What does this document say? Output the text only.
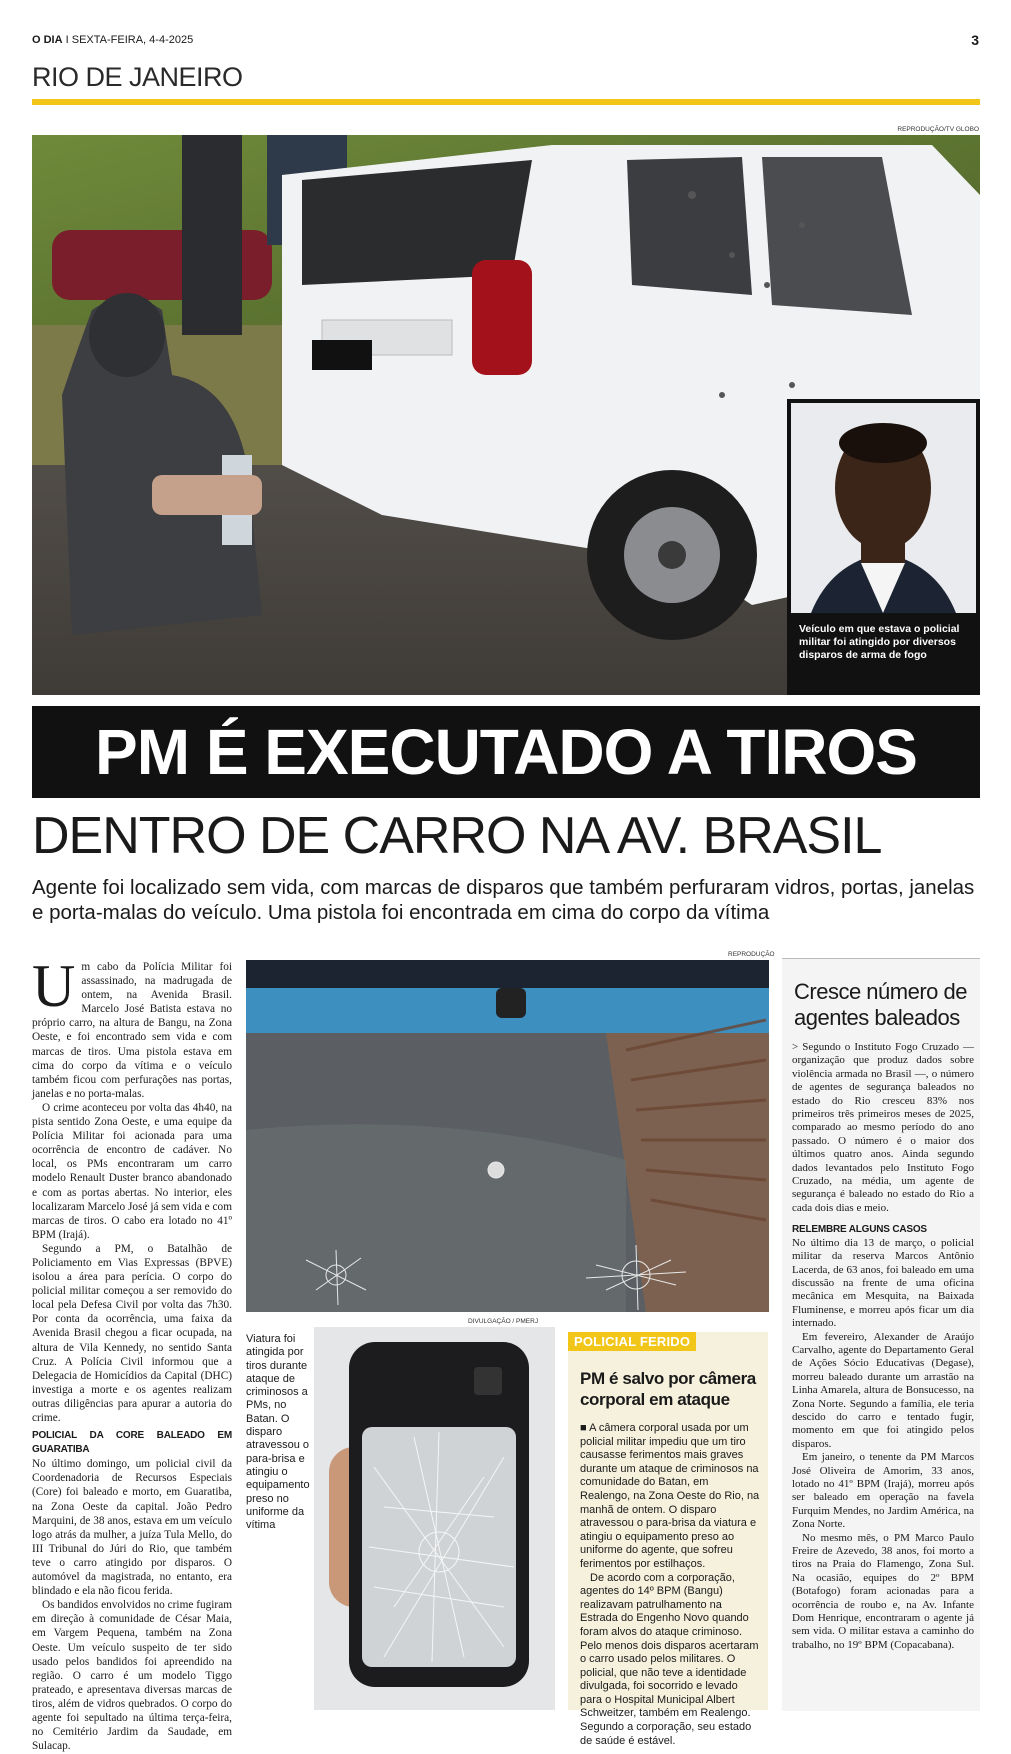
O DIA I SEXTA-FEIRA, 4-4-2025	3
RIO DE JANEIRO
REPRODUÇÃO/TV GLOBO
Veículo em que estava o policial militar foi atingido por diversos disparos de arma de fogo
PM É EXECUTADO A TIROS
DENTRO DE CARRO NA AV. BRASIL
Agente foi localizado sem vida, com marcas de disparos que também perfuraram vidros, portas, janelas e porta-malas do veículo. Uma pistola foi encontrada em cima do corpo da vítima
U m cabo da Polícia Militar foi assassinado, na madrugada de ontem, na Avenida Brasil. Marcelo José Batista estava no próprio carro, na altura de Bangu, na Zona Oeste, e foi encontrado sem vida e com marcas de tiros. Uma pistola estava em cima do corpo da vítima e o veículo também ficou com perfurações nas portas, janelas e no porta-malas.

O crime aconteceu por volta das 4h40, na pista sentido Zona Oeste, e uma equipe da Polícia Militar foi acionada para uma ocorrência de encontro de cadáver. No local, os PMs encontraram um carro modelo Renault Duster branco abandonado e com as portas abertas. No interior, eles localizaram Marcelo José já sem vida e com marcas de tiros. O cabo era lotado no 41º BPM (Irajá).

Segundo a PM, o Batalhão de Policiamento em Vias Expressas (BPVE) isolou a área para perícia. O corpo do policial militar começou a ser removido do local pela Defesa Civil por volta das 7h30. Por conta da ocorrência, uma faixa da Avenida Brasil chegou a ficar ocupada, na altura de Vila Kennedy, no sentido Santa Cruz. A Polícia Civil informou que a Delegacia de Homicídios da Capital (DHC) investiga a morte e os agentes realizam outras diligências para apurar a autoria do crime.

POLICIAL DA CORE BALEADO EM GUARATIBA

No último domingo, um policial civil da Coordenadoria de Recursos Especiais (Core) foi baleado e morto, em Guaratiba, na Zona Oeste da capital. João Pedro Marquini, de 38 anos, estava em um veículo logo atrás da mulher, a juíza Tula Mello, do III Tribunal do Júri do Rio, que também teve o carro atingido por disparos. O automóvel da magistrada, no entanto, era blindado e ela não ficou ferida.

Os bandidos envolvidos no crime fugiram em direção à comunidade de César Maia, em Vargem Pequena, também na Zona Oeste. Um veículo suspeito de ter sido usado pelos bandidos foi apreendido na região. O carro é um modelo Tiggo prateado, e apresentava diversas marcas de tiros, além de vidros quebrados. O corpo do agente foi sepultado na última terça-feira, no Cemitério Jardim da Saudade, em Sulacap.

REPRODUÇÃO
Viatura foi atingida por tiros durante ataque de criminosos a PMs, no Batan. O disparo atravessou o para-brisa e atingiu o equipamento preso no uniforme da vítima
DIVULGAÇÃO / PMERJ
POLICIAL FERIDO
PM é salvo por câmera corporal em ataque

■ A câmera corporal usada por um policial militar impediu que um tiro causasse ferimentos mais graves durante um ataque de criminosos na comunidade do Batan, em Realengo, na Zona Oeste do Rio, na manhã de ontem. O disparo atravessou o para-brisa da viatura e atingiu o equipamento preso ao uniforme do agente, que sofreu ferimentos por estilhaços.

De acordo com a corporação, agentes do 14º BPM (Bangu) realizavam patrulhamento na Estrada do Engenho Novo quando foram alvos do ataque criminoso. Pelo menos dois disparos acertaram o carro usado pelos militares. O policial, que não teve a identidade divulgada, foi socorrido e levado para o Hospital Municipal Albert Schweitzer, também em Realengo. Segundo a corporação, seu estado de saúde é estável.

Cresce número de agentes baleados

> Segundo o Instituto Fogo Cruzado — organização que produz dados sobre violência armada no Brasil —, o número de agentes de segurança baleados no estado do Rio cresceu 83% nos primeiros três primeiros meses de 2025, comparado ao mesmo período do ano passado. O número é o maior dos últimos quatro anos. Ainda segundo dados levantados pelo Instituto Fogo Cruzado, na média, um agente de segurança é baleado no estado do Rio a cada dois dias e meio.

RELEMBRE ALGUNS CASOS

No último dia 13 de março, o policial militar da reserva Marcos Antônio Lacerda, de 63 anos, foi baleado em uma discussão na frente de uma oficina mecânica em Mesquita, na Baixada Fluminense, e morreu após ficar um dia internado.

Em fevereiro, Alexander de Araújo Carvalho, agente do Departamento Geral de Ações Sócio Educativas (Degase), morreu baleado durante um arrastão na Linha Amarela, altura de Bonsucesso, na Zona Norte. Segundo a família, ele teria descido do carro e tentado fugir, momento em que foi atingido pelos disparos.

Em janeiro, o tenente da PM Marcos José Oliveira de Amorim, 33 anos, lotado no 41º BPM (Irajá), morreu após ser baleado em operação na favela Furquim Mendes, no Jardim América, na Zona Norte.

No mesmo mês, o PM Marco Paulo Freire de Azevedo, 38 anos, foi morto a tiros na Praia do Flamengo, Zona Sul. Na ocasião, equipes do 2º BPM (Botafogo) foram acionadas para a ocorrência de roubo e, na Av. Infante Dom Henrique, encontraram o agente já sem vida. O militar estava a caminho do trabalho, no 19º BPM (Copacabana).
